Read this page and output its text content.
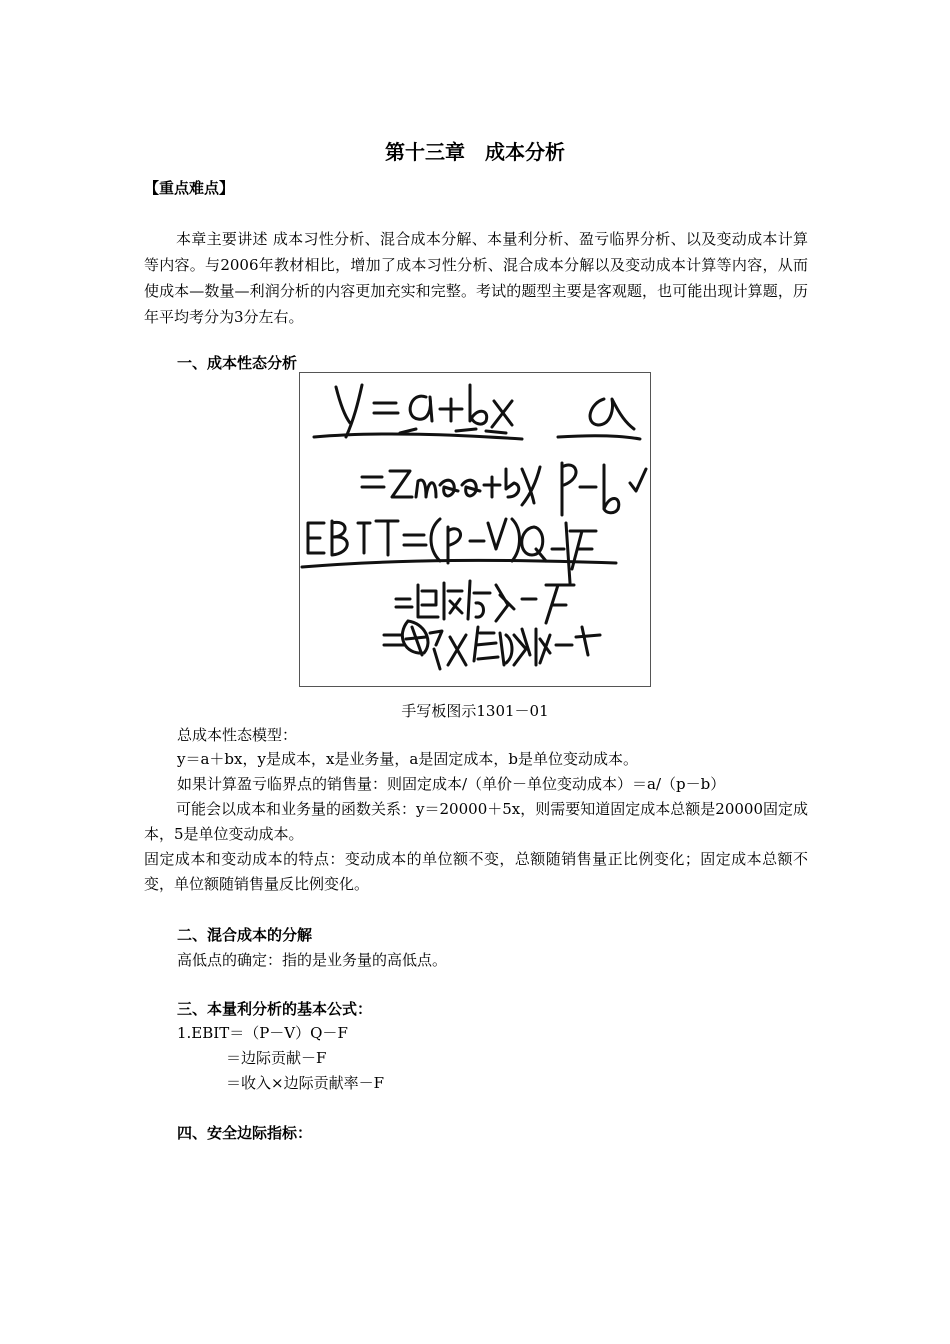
第十三章　成本分析
【重点难点】
本章主要讲述 成本习性分析、混合成本分解、本量利分析、盈亏临界分析、以及变动成本计算等内容。与2006年教材相比，增加了成本习性分析、混合成本分解以及变动成本计算等内容，从而使成本—数量—利润分析的内容更加充实和完整。考试的题型主要是客观题，也可能出现计算题，历年平均考分为3分左右。
一、成本性态分析
手写板图示1301－01
总成本性态模型：
y＝a＋bx，y是成本，x是业务量，a是固定成本，b是单位变动成本。
如果计算盈亏临界点的销售量：则固定成本/（单价－单位变动成本）＝a/（p－b）
可能会以成本和业务量的函数关系：y＝20000＋5x，则需要知道固定成本总额是20000固定成本，5是单位变动成本。
固定成本和变动成本的特点：变动成本的单位额不变，总额随销售量正比例变化；固定成本总额不变，单位额随销售量反比例变化。
二、混合成本的分解
高低点的确定：指的是业务量的高低点。
三、本量利分析的基本公式：
1.EBIT＝（P－V）Q－F
＝边际贡献－F
＝收入×边际贡献率－F
四、安全边际指标：
